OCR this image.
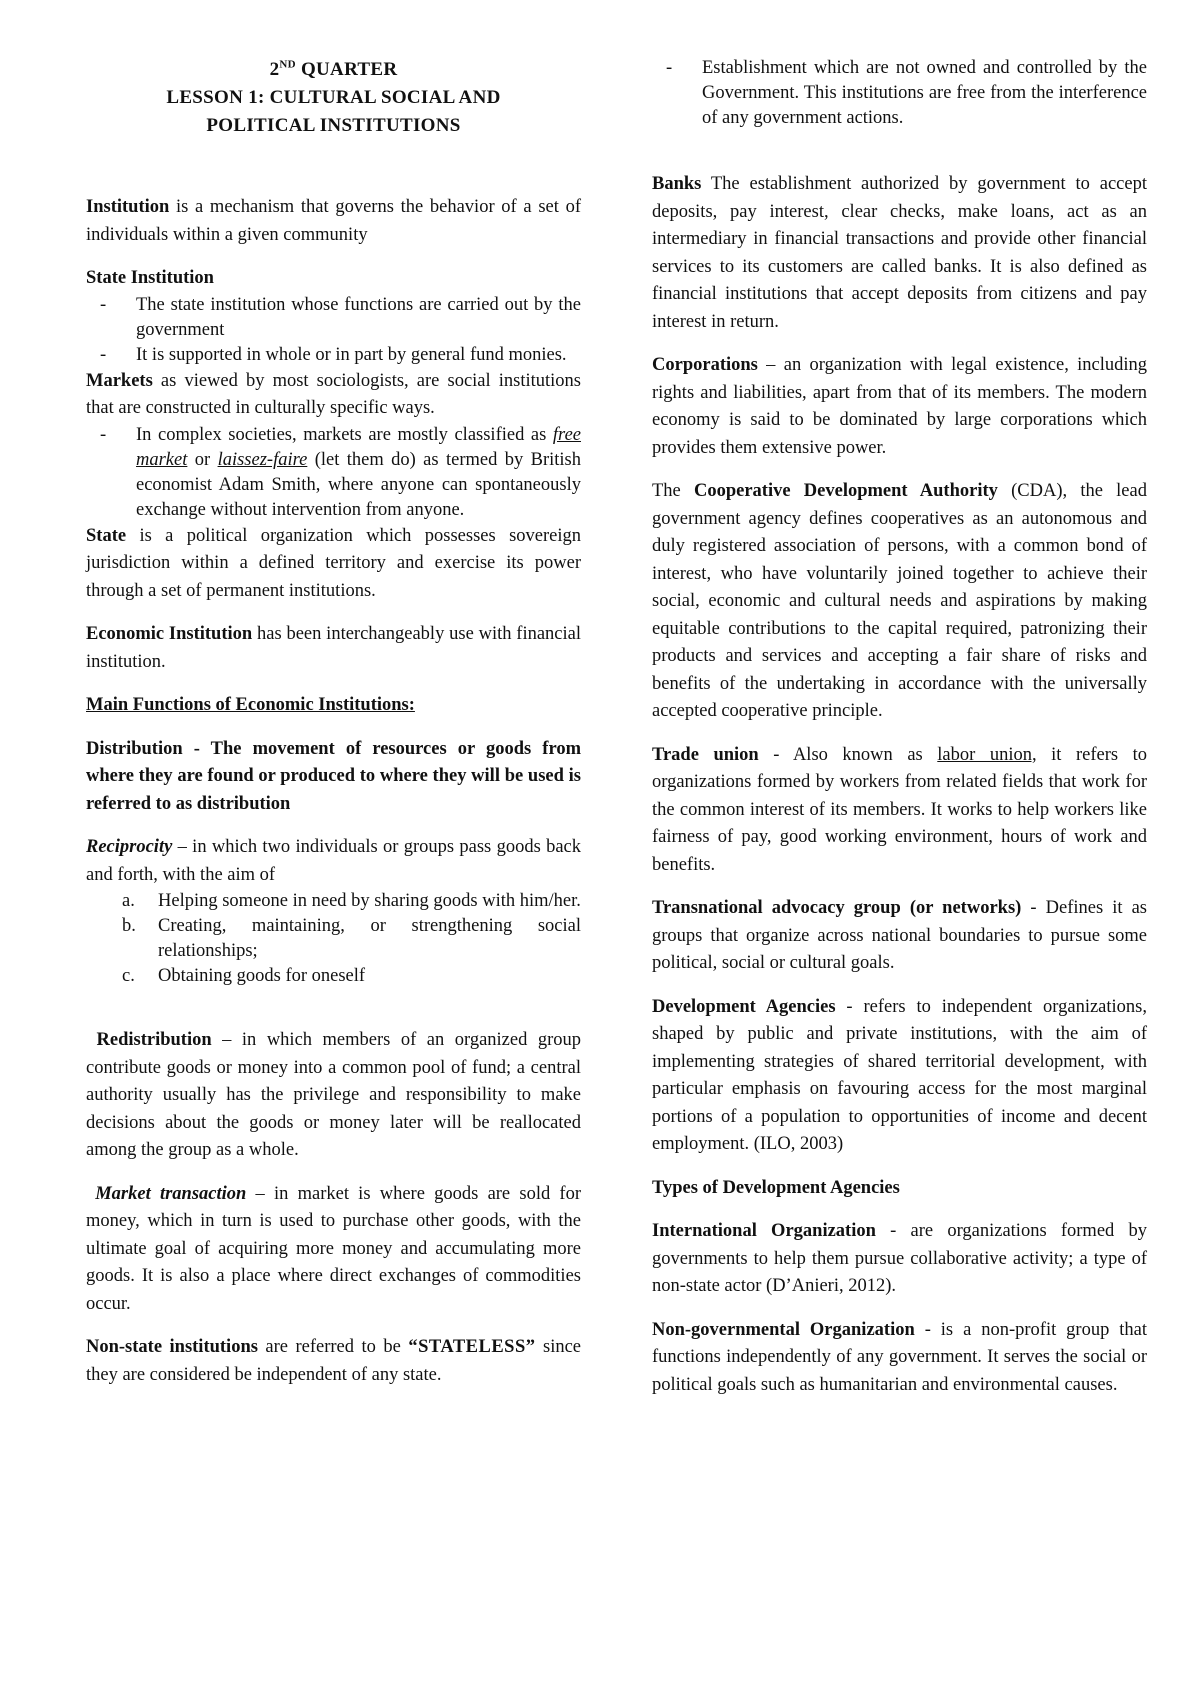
2ND QUARTER
LESSON 1: CULTURAL SOCIAL AND
POLITICAL INSTITUTIONS

Institution is a mechanism that governs the behavior of a set of individuals within a given community

State Institution

- The state institution whose functions are carried out by the government
- It is supported in whole or in part by general fund monies.

Markets as viewed by most sociologists, are social institutions that are constructed in culturally specific ways.

- In complex societies, markets are mostly classified as free market or laissez-faire (let them do) as termed by British economist Adam Smith, where anyone can spontaneously exchange without intervention from anyone.

State is a political organization which possesses sovereign jurisdiction within a defined territory and exercise its power through a set of permanent institutions.

Economic Institution has been interchangeably use with financial institution.

Main Functions of Economic Institutions:

Distribution - The movement of resources or goods from where they are found or produced to where they will be used is referred to as distribution

Reciprocity – in which two individuals or groups pass goods back and forth, with the aim of

a. Helping someone in need by sharing goods with him/her.
b. Creating, maintaining, or strengthening social relationships;
c. Obtaining goods for oneself

Redistribution – in which members of an organized group contribute goods or money into a common pool of fund; a central authority usually has the privilege and responsibility to make decisions about the goods or money later will be reallocated among the group as a whole.

Market transaction – in market is where goods are sold for money, which in turn is used to purchase other goods, with the ultimate goal of acquiring more money and accumulating more goods. It is also a place where direct exchanges of commodities occur.

Non-state institutions are referred to be “STATELESS” since they are considered be independent of any state.

- Establishment which are not owned and controlled by the Government. This institutions are free from the interference of any government actions.

Banks The establishment authorized by government to accept deposits, pay interest, clear checks, make loans, act as an intermediary in financial transactions and provide other financial services to its customers are called banks. It is also defined as financial institutions that accept deposits from citizens and pay interest in return.

Corporations – an organization with legal existence, including rights and liabilities, apart from that of its members. The modern economy is said to be dominated by large corporations which provides them extensive power.

The Cooperative Development Authority (CDA), the lead government agency defines cooperatives as an autonomous and duly registered association of persons, with a common bond of interest, who have voluntarily joined together to achieve their social, economic and cultural needs and aspirations by making equitable contributions to the capital required, patronizing their products and services and accepting a fair share of risks and benefits of the undertaking in accordance with the universally accepted cooperative principle.

Trade union - Also known as labor union, it refers to organizations formed by workers from related fields that work for the common interest of its members. It works to help workers like fairness of pay, good working environment, hours of work and benefits.

Transnational advocacy group (or networks) - Defines it as groups that organize across national boundaries to pursue some political, social or cultural goals.

Development Agencies - refers to independent organizations, shaped by public and private institutions, with the aim of implementing strategies of shared territorial development, with particular emphasis on favouring access for the most marginal portions of a population to opportunities of income and decent employment. (ILO, 2003)

Types of Development Agencies

International Organization - are organizations formed by governments to help them pursue collaborative activity; a type of non-state actor (D’Anieri, 2012).

Non-governmental Organization - is a non-profit group that functions independently of any government. It serves the social or political goals such as humanitarian and environmental causes.
